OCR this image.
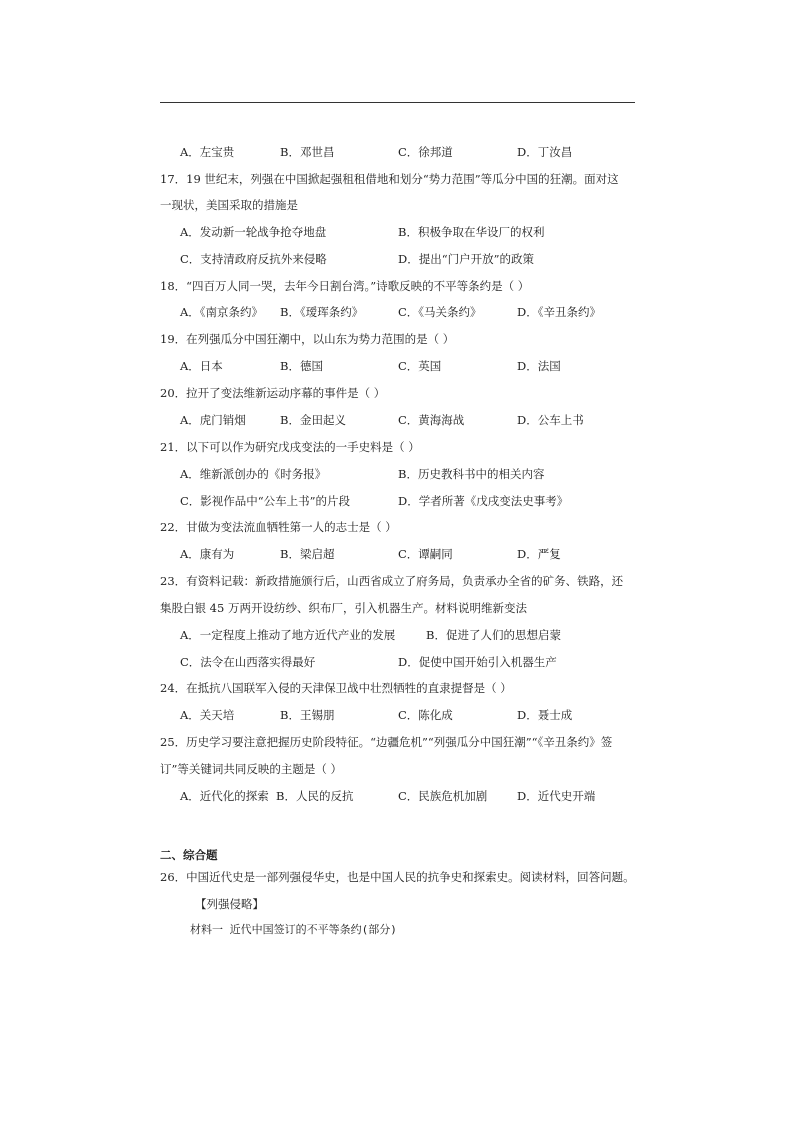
A．左宝贵	B．邓世昌	C．徐邦道	D．丁汝昌
17．19 世纪末，列强在中国掀起强租租借地和划分“势力范围”等瓜分中国的狂潮。面对这
一现状，美国采取的措施是
A．发动新一轮战争抢夺地盘	B．积极争取在华设厂的权利
C．支持清政府反抗外来侵略	D．提出“门户开放”的政策
18．“四百万人同一哭，去年今日割台湾。”诗歌反映的不平等条约是（ ）
A．《南京条约》 B．《瑷珲条约》	C．《马关条约》	D．《辛丑条约》
19．在列强瓜分中国狂潮中，以山东为势力范围的是（ ）
A．日本	B．德国	C．英国	D．法国
20．拉开了变法维新运动序幕的事件是（ ）
A．虎门销烟	B．金田起义	C．黄海海战	D．公车上书
21．以下可以作为研究戊戌变法的一手史料是（ ）
A．维新派创办的《时务报》	B．历史教科书中的相关内容
C．影视作品中“公车上书”的片段	D．学者所著《戊戌变法史事考》
22．甘做为变法流血牺牲第一人的志士是（ ）
A．康有为	B．梁启超	C．谭嗣同	D．严复
23．有资料记载：新政措施颁行后，山西省成立了府务局，负责承办全省的矿务、铁路，还
集股白银 45 万两开设纺纱、织布厂，引入机器生产。材料说明维新变法
A．一定程度上推动了地方近代产业的发展	B．促进了人们的思想启蒙
C．法令在山西落实得最好	D．促使中国开始引入机器生产
24．在抵抗八国联军入侵的天津保卫战中壮烈牺牲的直隶提督是（ ）
A．关天培	B．王锡朋	C．陈化成	D．聂士成
25．历史学习要注意把握历史阶段特征。“边疆危机”“列强瓜分中国狂潮”“《辛丑条约》签
订”等关键词共同反映的主题是（ ）
A．近代化的探索 B．人民的反抗	C．民族危机加剧	D．近代史开端
二、综合题
26．中国近代史是一部列强侵华史，也是中国人民的抗争史和探索史。阅读材料，回答问题。
【列强侵略】
材料一 近代中国签订的不平等条约(部分)
